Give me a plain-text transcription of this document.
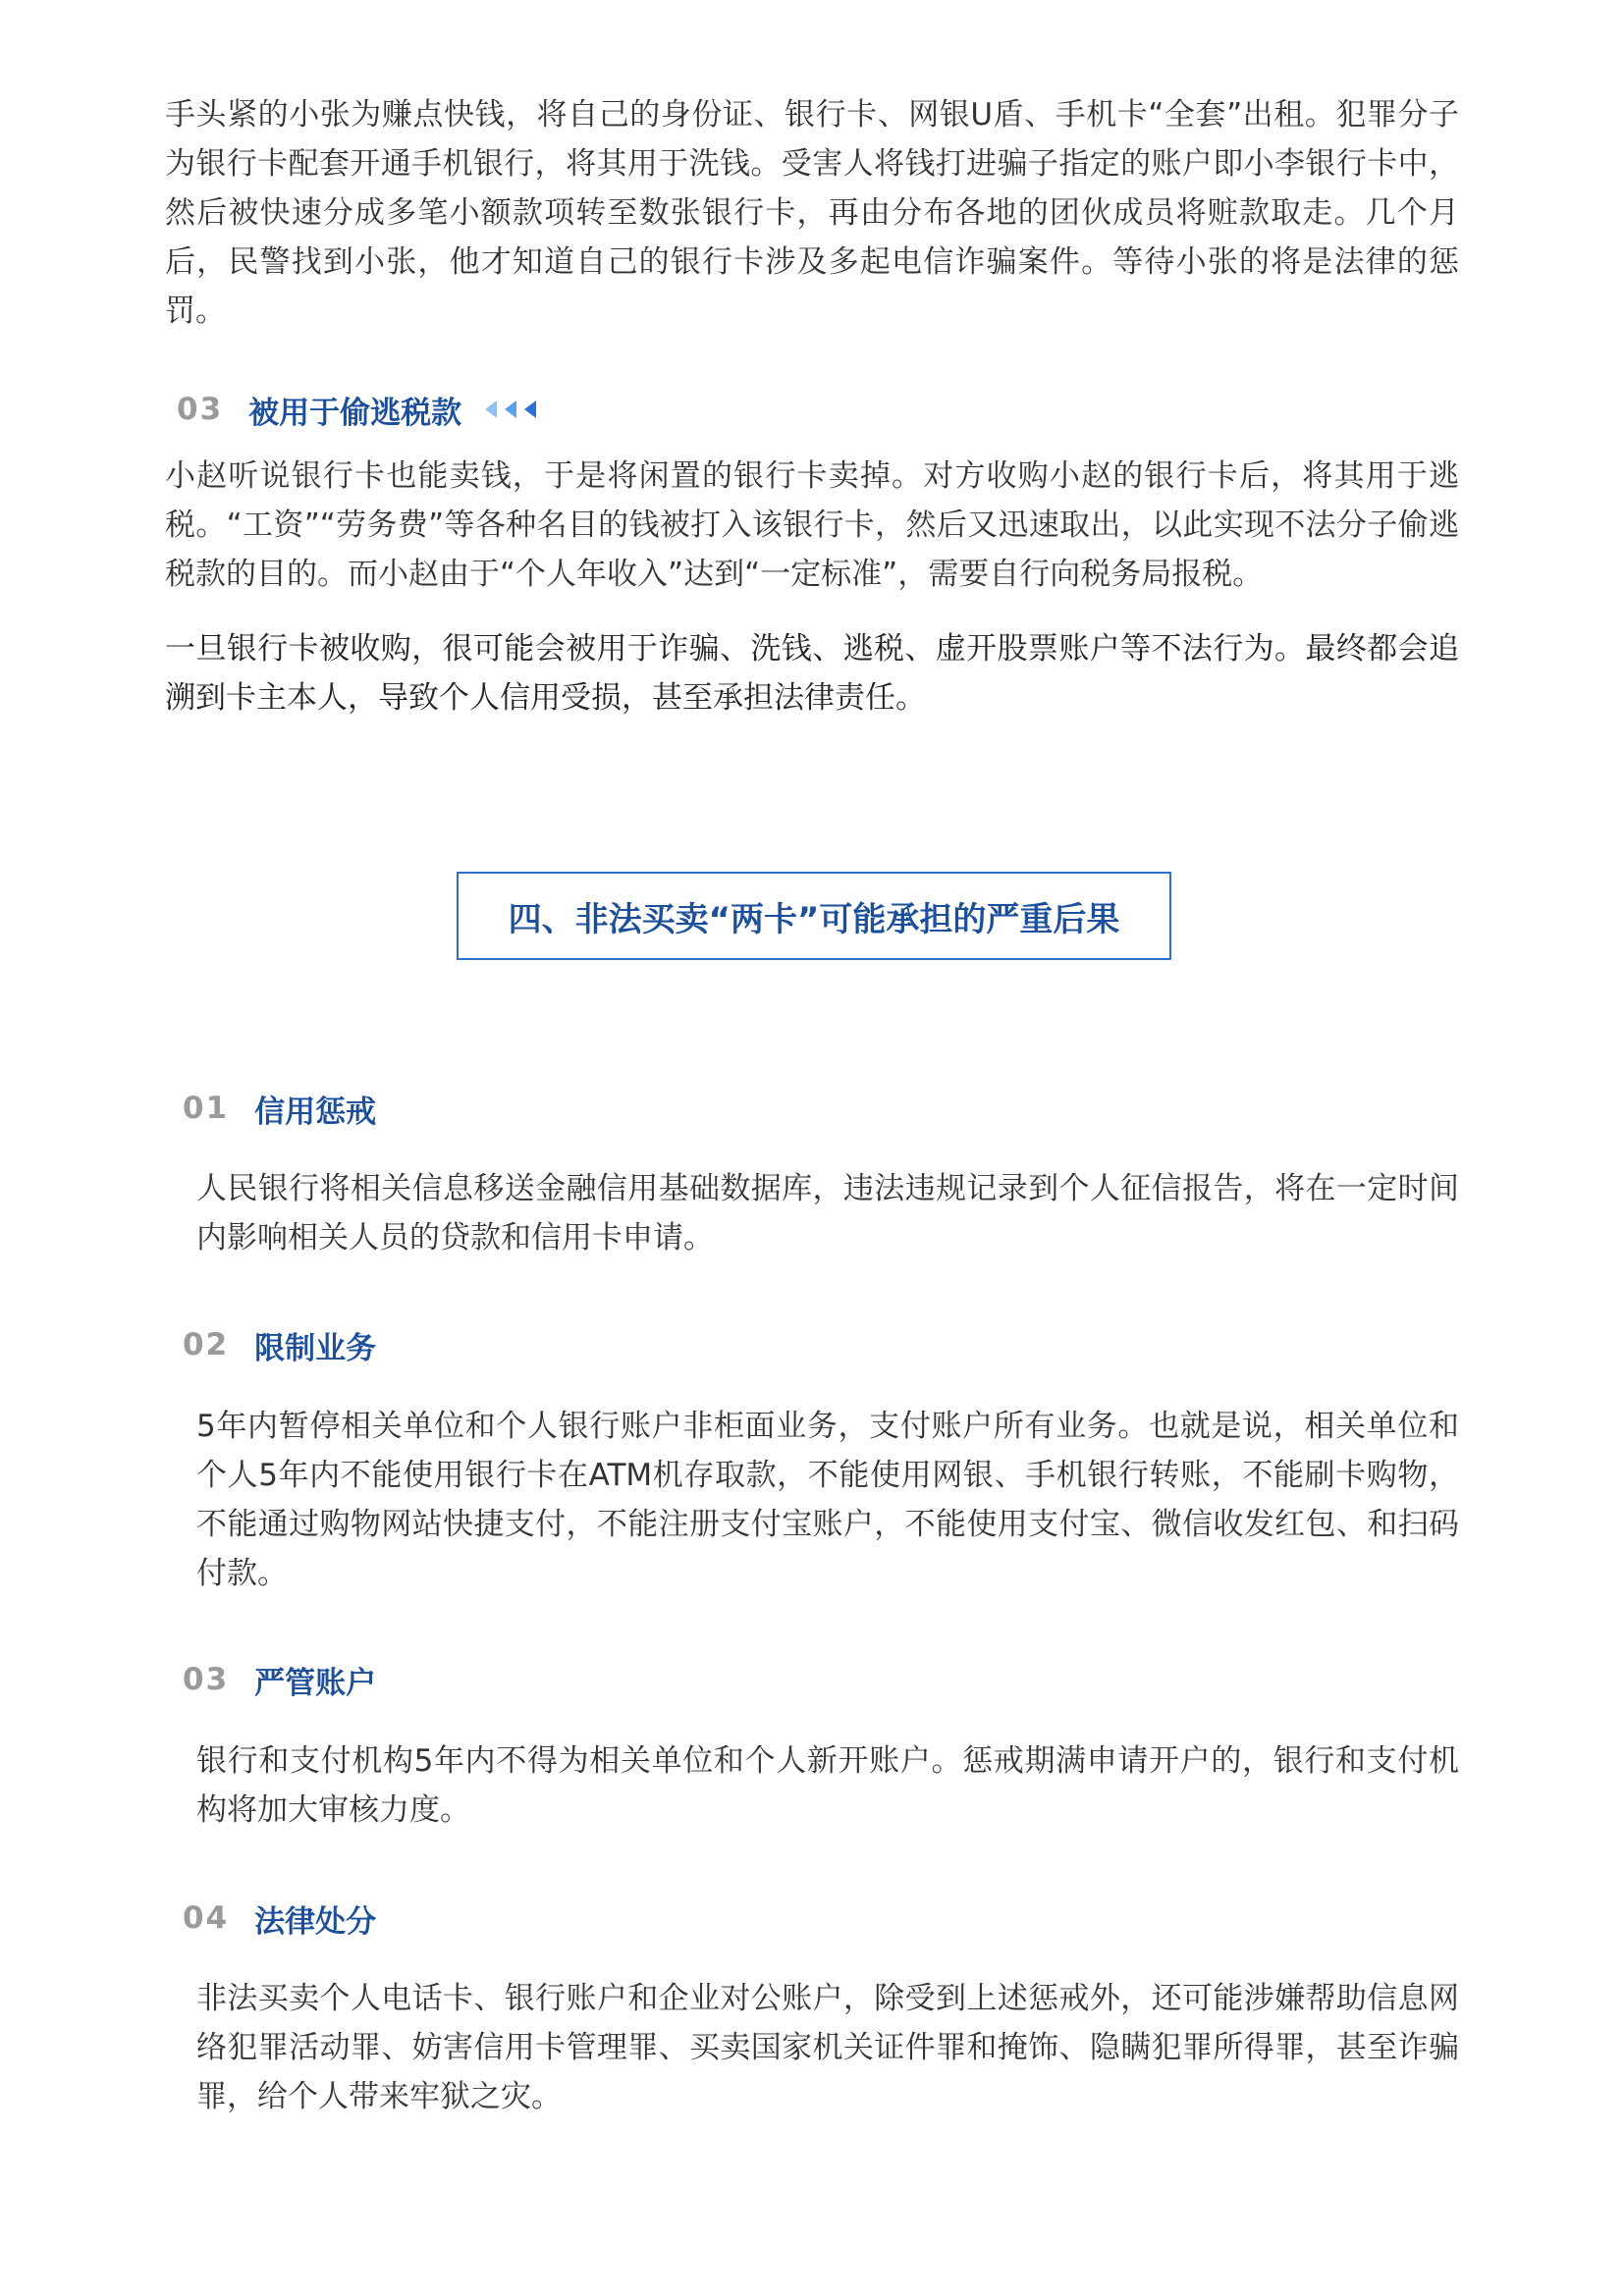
手头紧的小张为赚点快钱，将自己的身份证、银行卡、网银U盾、手机卡“全套”出租。犯罪分子为银行卡配套开通手机银行，将其用于洗钱。受害人将钱打进骗子指定的账户即小李银行卡中，然后被快速分成多笔小额款项转至数张银行卡，再由分布各地的团伙成员将赃款取走。几个月后，民警找到小张，他才知道自己的银行卡涉及多起电信诈骗案件。等待小张的将是法律的惩罚。

03 被用于偷逃税款

小赵听说银行卡也能卖钱，于是将闲置的银行卡卖掉。对方收购小赵的银行卡后，将其用于逃税。“工资”“劳务费”等各种名目的钱被打入该银行卡，然后又迅速取出，以此实现不法分子偷逃税款的目的。而小赵由于“个人年收入”达到“一定标准”，需要自行向税务局报税。

一旦银行卡被收购，很可能会被用于诈骗、洗钱、逃税、虚开股票账户等不法行为。最终都会追溯到卡主本人，导致个人信用受损，甚至承担法律责任。

四、非法买卖“两卡”可能承担的严重后果
01 信用惩戒

人民银行将相关信息移送金融信用基础数据库，违法违规记录到个人征信报告，将在一定时间内影响相关人员的贷款和信用卡申请。

02 限制业务

5年内暂停相关单位和个人银行账户非柜面业务，支付账户所有业务。也就是说，相关单位和个人5年内不能使用银行卡在ATM机存取款，不能使用网银、手机银行转账，不能刷卡购物，不能通过购物网站快捷支付，不能注册支付宝账户，不能使用支付宝、微信收发红包、和扫码付款。

03 严管账户

银行和支付机构5年内不得为相关单位和个人新开账户。惩戒期满申请开户的，银行和支付机构将加大审核力度。

04 法律处分

非法买卖个人电话卡、银行账户和企业对公账户，除受到上述惩戒外，还可能涉嫌帮助信息网络犯罪活动罪、妨害信用卡管理罪、买卖国家机关证件罪和掩饰、隐瞒犯罪所得罪，甚至诈骗罪，给个人带来牢狱之灾。
